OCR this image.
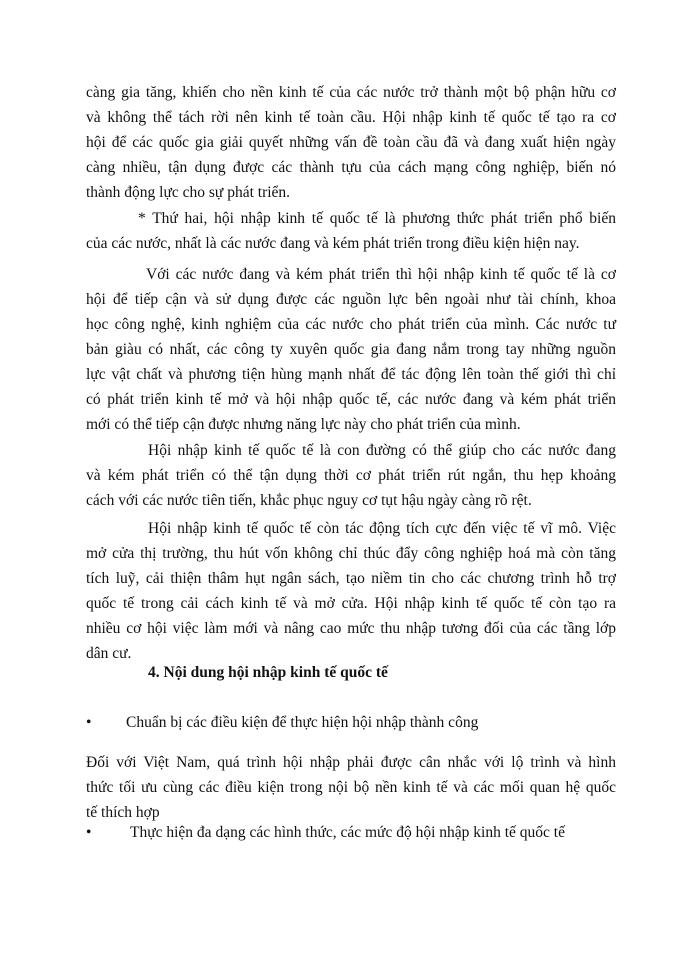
càng gia tăng, khiến cho nền kinh tế của các nước trở thành một bộ phận hữu cơ
và không thể tách rời nên kinh tế toàn cầu. Hội nhập kinh tế quốc tế tạo ra cơ
hội để các quốc gia giải quyết những vấn đề toàn cầu đã và đang xuất hiện ngày
càng nhiều, tận dụng được các thành tựu của cách mạng công nghiệp, biến nó
thành động lực cho sự phát triển.
* Thứ hai, hội nhập kinh tế quốc tế là phương thức phát triển phổ biến
của các nước, nhất là các nước đang và kém phát triển trong điều kiện hiện nay.
Với các nước đang và kém phát triển thì hội nhập kinh tế quốc tế là cơ
hội để tiếp cận và sử dụng được các nguồn lực bên ngoài như tài chính, khoa
học công nghệ, kinh nghiệm của các nước cho phát triển của mình. Các nước tư
bản giàu có nhất, các công ty xuyên quốc gia đang nắm trong tay những nguồn
lực vật chất và phương tiện hùng mạnh nhất để tác động lên toàn thế giới thì chỉ
có phát triển kinh tế mở và hội nhập quốc tế, các nước đang và kém phát triển
mới có thể tiếp cận được nhưng năng lực này cho phát triển của mình.
Hội nhập kinh tế quốc tế là con đường có thể giúp cho các nước đang
và kém phát triển có thể tận dụng thời cơ phát triển rút ngắn, thu hẹp khoảng
cách với các nước tiên tiến, khắc phục nguy cơ tụt hậu ngày càng rõ rệt.
Hội nhập kinh tế quốc tế còn tác động tích cực đến việc tế vĩ mô. Việc
mở cửa thị trường, thu hút vốn không chỉ thúc đẩy công nghiệp hoá mà còn tăng
tích luỹ, cải thiện thâm hụt ngân sách, tạo niềm tin cho các chương trình hỗ trợ
quốc tế trong cải cách kinh tế và mở cửa. Hội nhập kinh tế quốc tế còn tạo ra
nhiều cơ hội việc làm mới và nâng cao mức thu nhập tương đối của các tầng lớp
dân cư.
4. Nội dung hội nhập kinh tế quốc tế
• Chuẩn bị các điều kiện để thực hiện hội nhập thành công
Đối với Việt Nam, quá trình hội nhập phải được cân nhắc với lộ trình và hình
thức tối ưu cùng các điều kiện trong nội bộ nền kinh tế và các mối quan hệ quốc
tế thích hợp
• Thực hiện đa dạng các hình thức, các mức độ hội nhập kinh tế quốc tế
